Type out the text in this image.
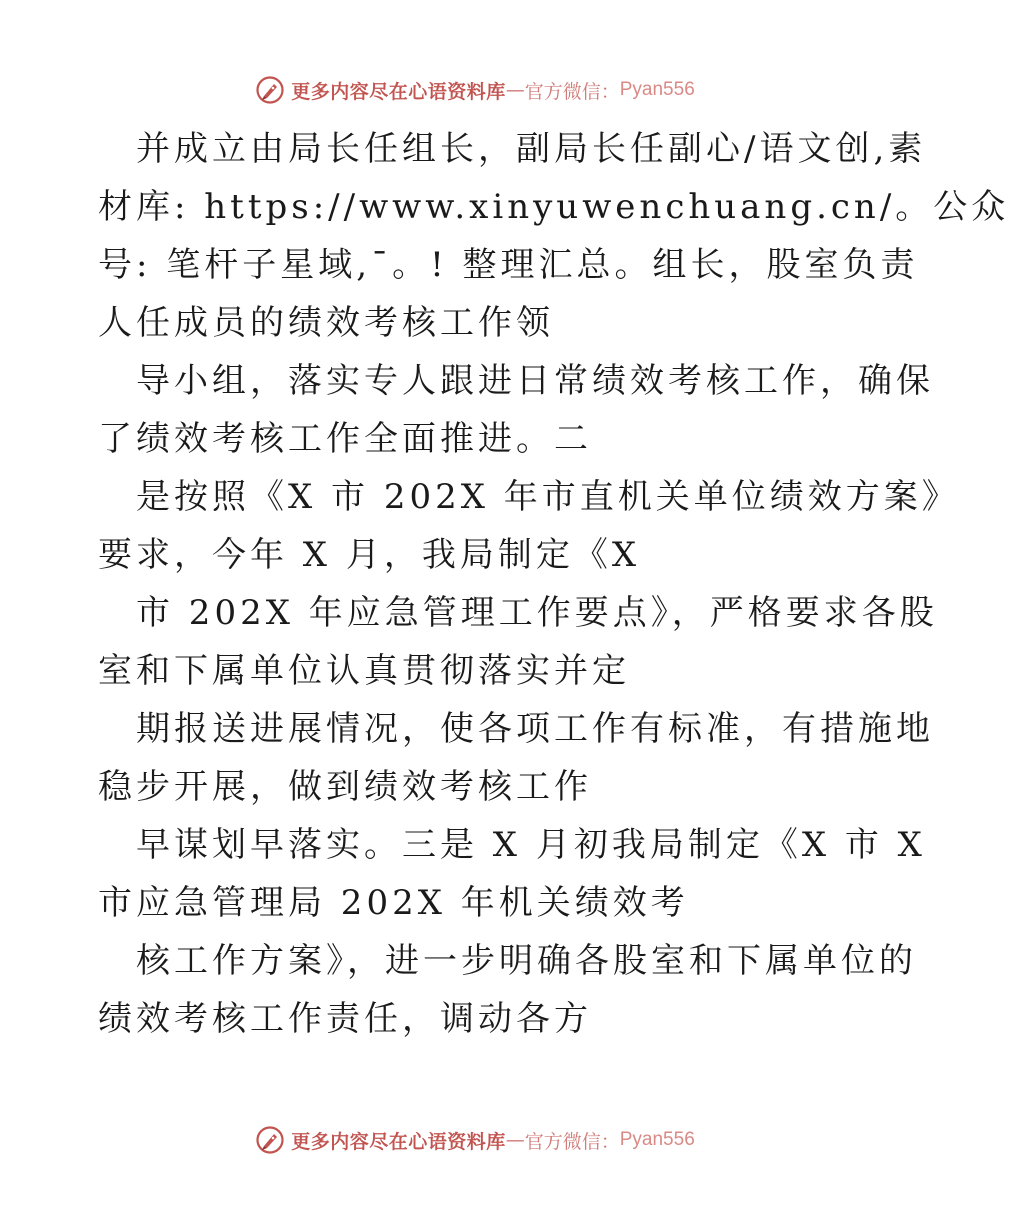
更多内容尽在心语资料库 — 官方微信： Pyan556
并成立由局长任组长，副局长任副心/语文创,素
材库: https://www.xinyuwenchuang.cn/。公众
号: 笔杆子星域,¯。! 整理汇总。组长，股室负责
人任成员的绩效考核工作领
导小组，落实专人跟进日常绩效考核工作，确保
了绩效考核工作全面推进。二
是按照《X 市 202X 年市直机关单位绩效方案》
要求，今年 X 月，我局制定《X
市 202X 年应急管理工作要点》，严格要求各股
室和下属单位认真贯彻落实并定
期报送进展情况，使各项工作有标准，有措施地
稳步开展，做到绩效考核工作
早谋划早落实。三是 X 月初我局制定《X 市 X
市应急管理局 202X 年机关绩效考
核工作方案》，进一步明确各股室和下属单位的
绩效考核工作责任，调动各方
更多内容尽在心语资料库 — 官方微信： Pyan556
